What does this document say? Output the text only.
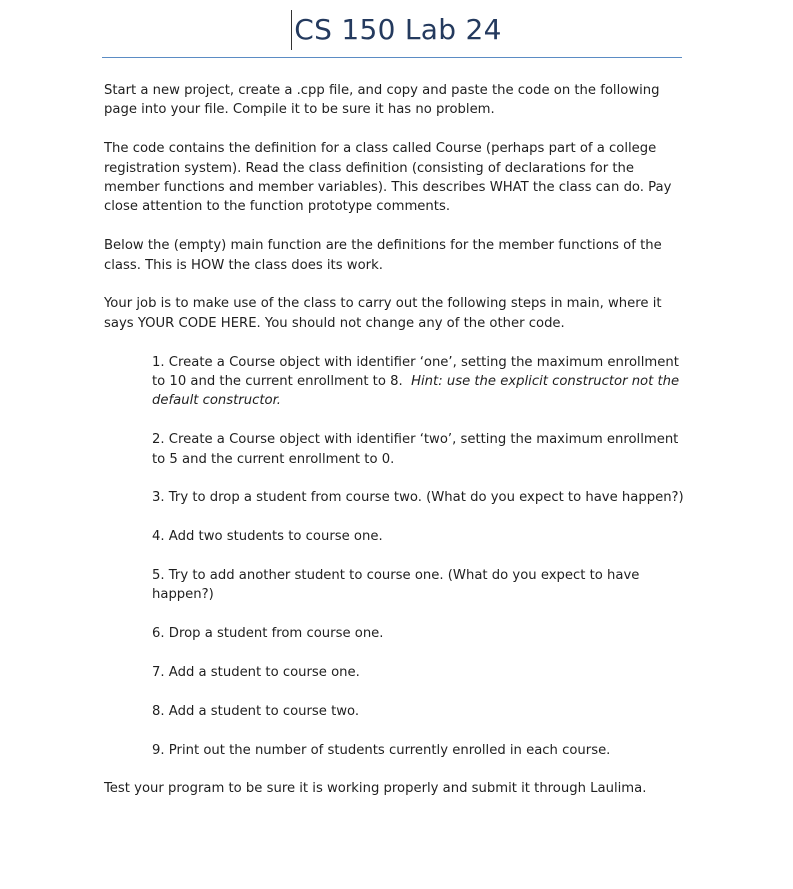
CS 150 Lab 24

Start a new project, create a .cpp file, and copy and paste the code on the following page into your file. Compile it to be sure it has no problem.

The code contains the definition for a class called Course (perhaps part of a college registration system). Read the class definition (consisting of declarations for the member functions and member variables). This describes WHAT the class can do. Pay close attention to the function prototype comments.

Below the (empty) main function are the definitions for the member functions of the class. This is HOW the class does its work.

Your job is to make use of the class to carry out the following steps in main, where it says YOUR CODE HERE. You should not change any of the other code.

1. Create a Course object with identifier ‘one’, setting the maximum enrollment to 10 and the current enrollment to 8. Hint: use the explicit constructor not the default constructor.
2. Create a Course object with identifier ‘two’, setting the maximum enrollment to 5 and the current enrollment to 0.
3. Try to drop a student from course two. (What do you expect to have happen?)
4. Add two students to course one.
5. Try to add another student to course one. (What do you expect to have happen?)
6. Drop a student from course one.
7. Add a student to course one.
8. Add a student to course two.
9. Print out the number of students currently enrolled in each course.

Test your program to be sure it is working properly and submit it through Laulima.
